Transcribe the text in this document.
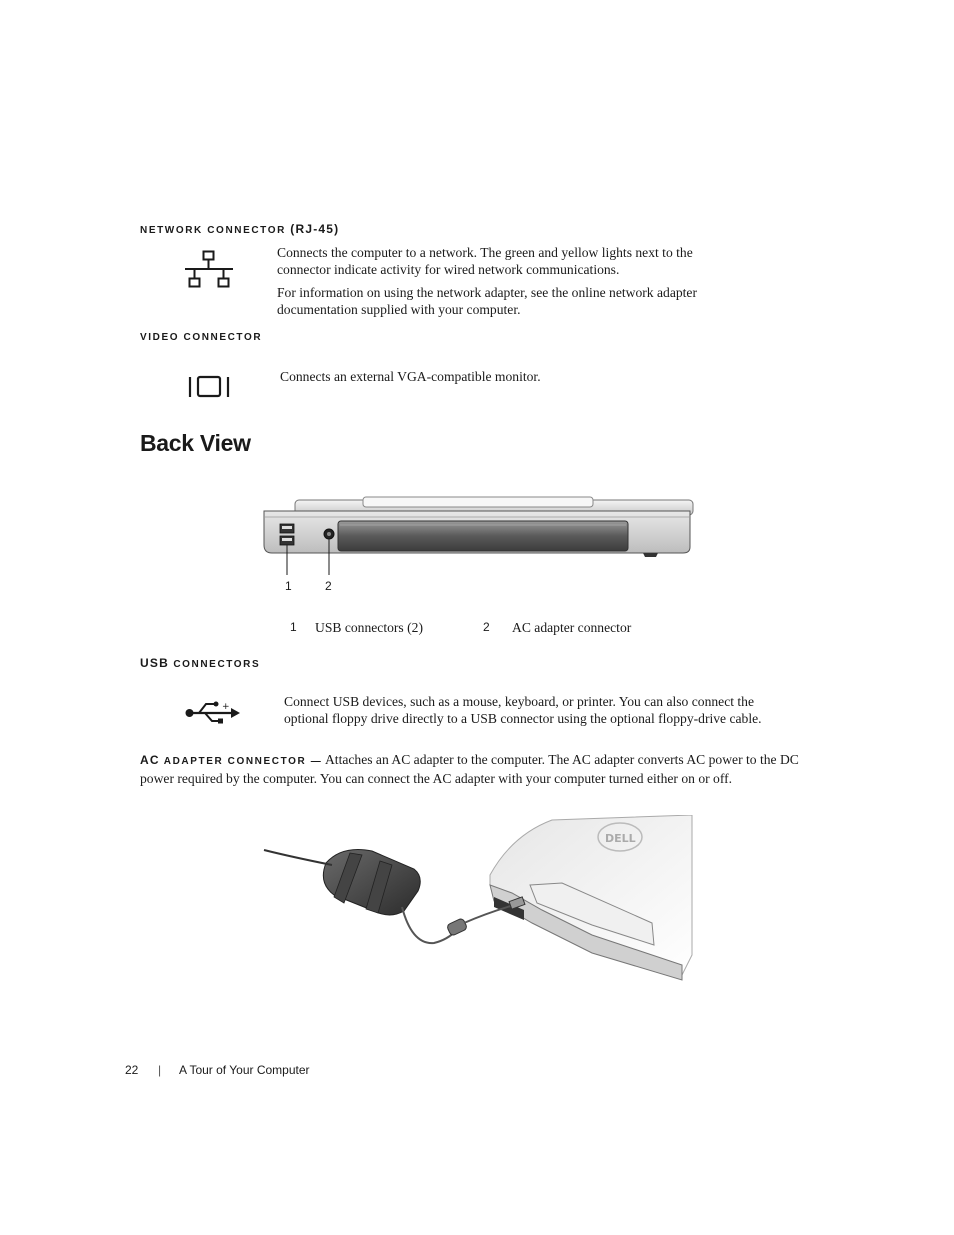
NETWORK CONNECTOR (RJ-45)

Connects the computer to a network. The green and yellow lights next to the connector indicate activity for wired network communications.

For information on using the network adapter, see the online network adapter documentation supplied with your computer.

VIDEO CONNECTOR
Connects an external VGA-compatible monitor.
Back View
1	2
1 USB connectors (2)	2 AC adapter connector
USB CONNECTORS
+	Connect USB devices, such as a mouse, keyboard, or printer. You can also connect the optional floppy drive directly to a USB connector using the optional floppy-drive cable.
AC ADAPTER CONNECTOR — Attaches an AC adapter to the computer. The AC adapter converts AC power to the DC power required by the computer. You can connect the AC adapter with your computer turned either on or off.
DELL
22 | A Tour of Your Computer
